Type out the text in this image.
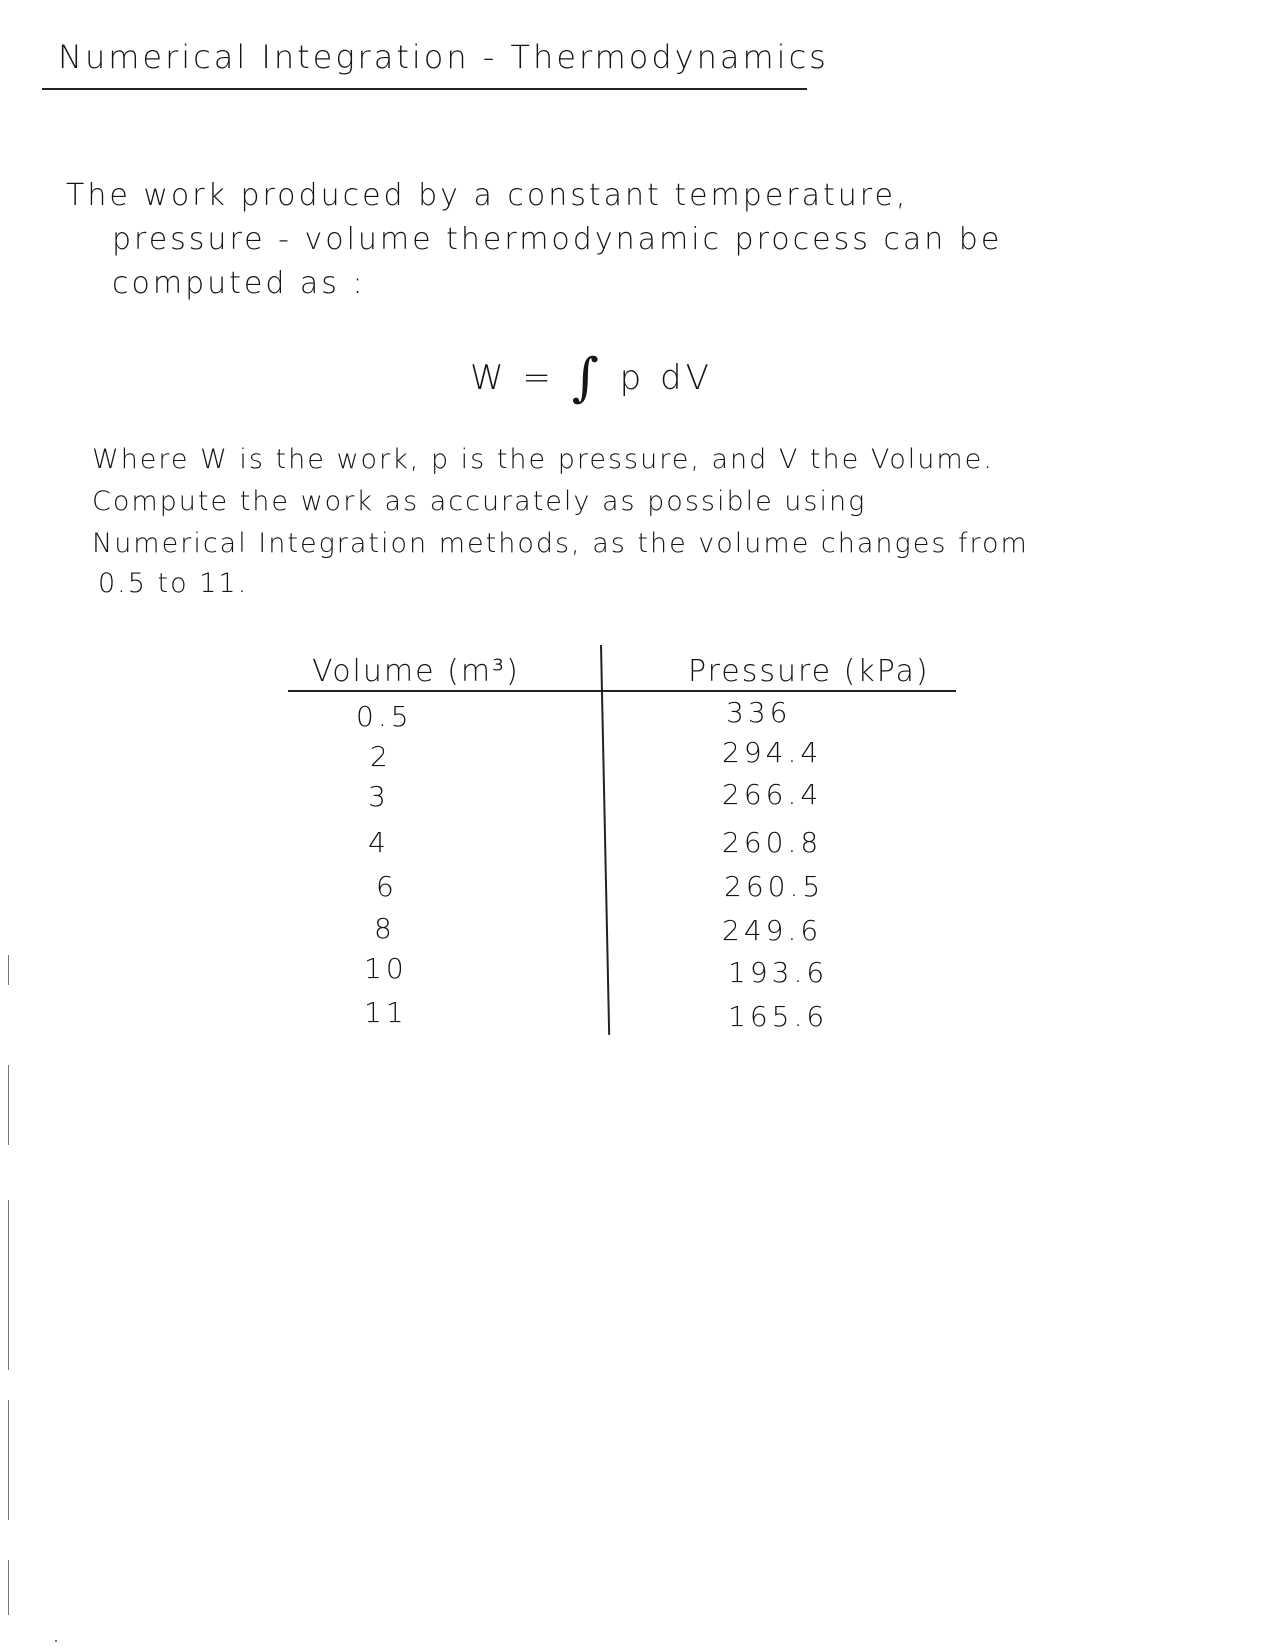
Numerical Integration - Thermodynamics
The work produced by a constant temperature,
pressure - volume thermodynamic process can be
computed as :
W = ∫ p dV
Where W is the work, p is the pressure, and V the Volume.
Compute the work as accurately as possible using
Numerical Integration methods, as the volume changes from
0.5 to 11.
Volume (m³)	Pressure (kPa)
0.5	336
2	294.4
3	266.4
4	260.8
6	260.5
8	249.6
10	193.6
11	165.6
